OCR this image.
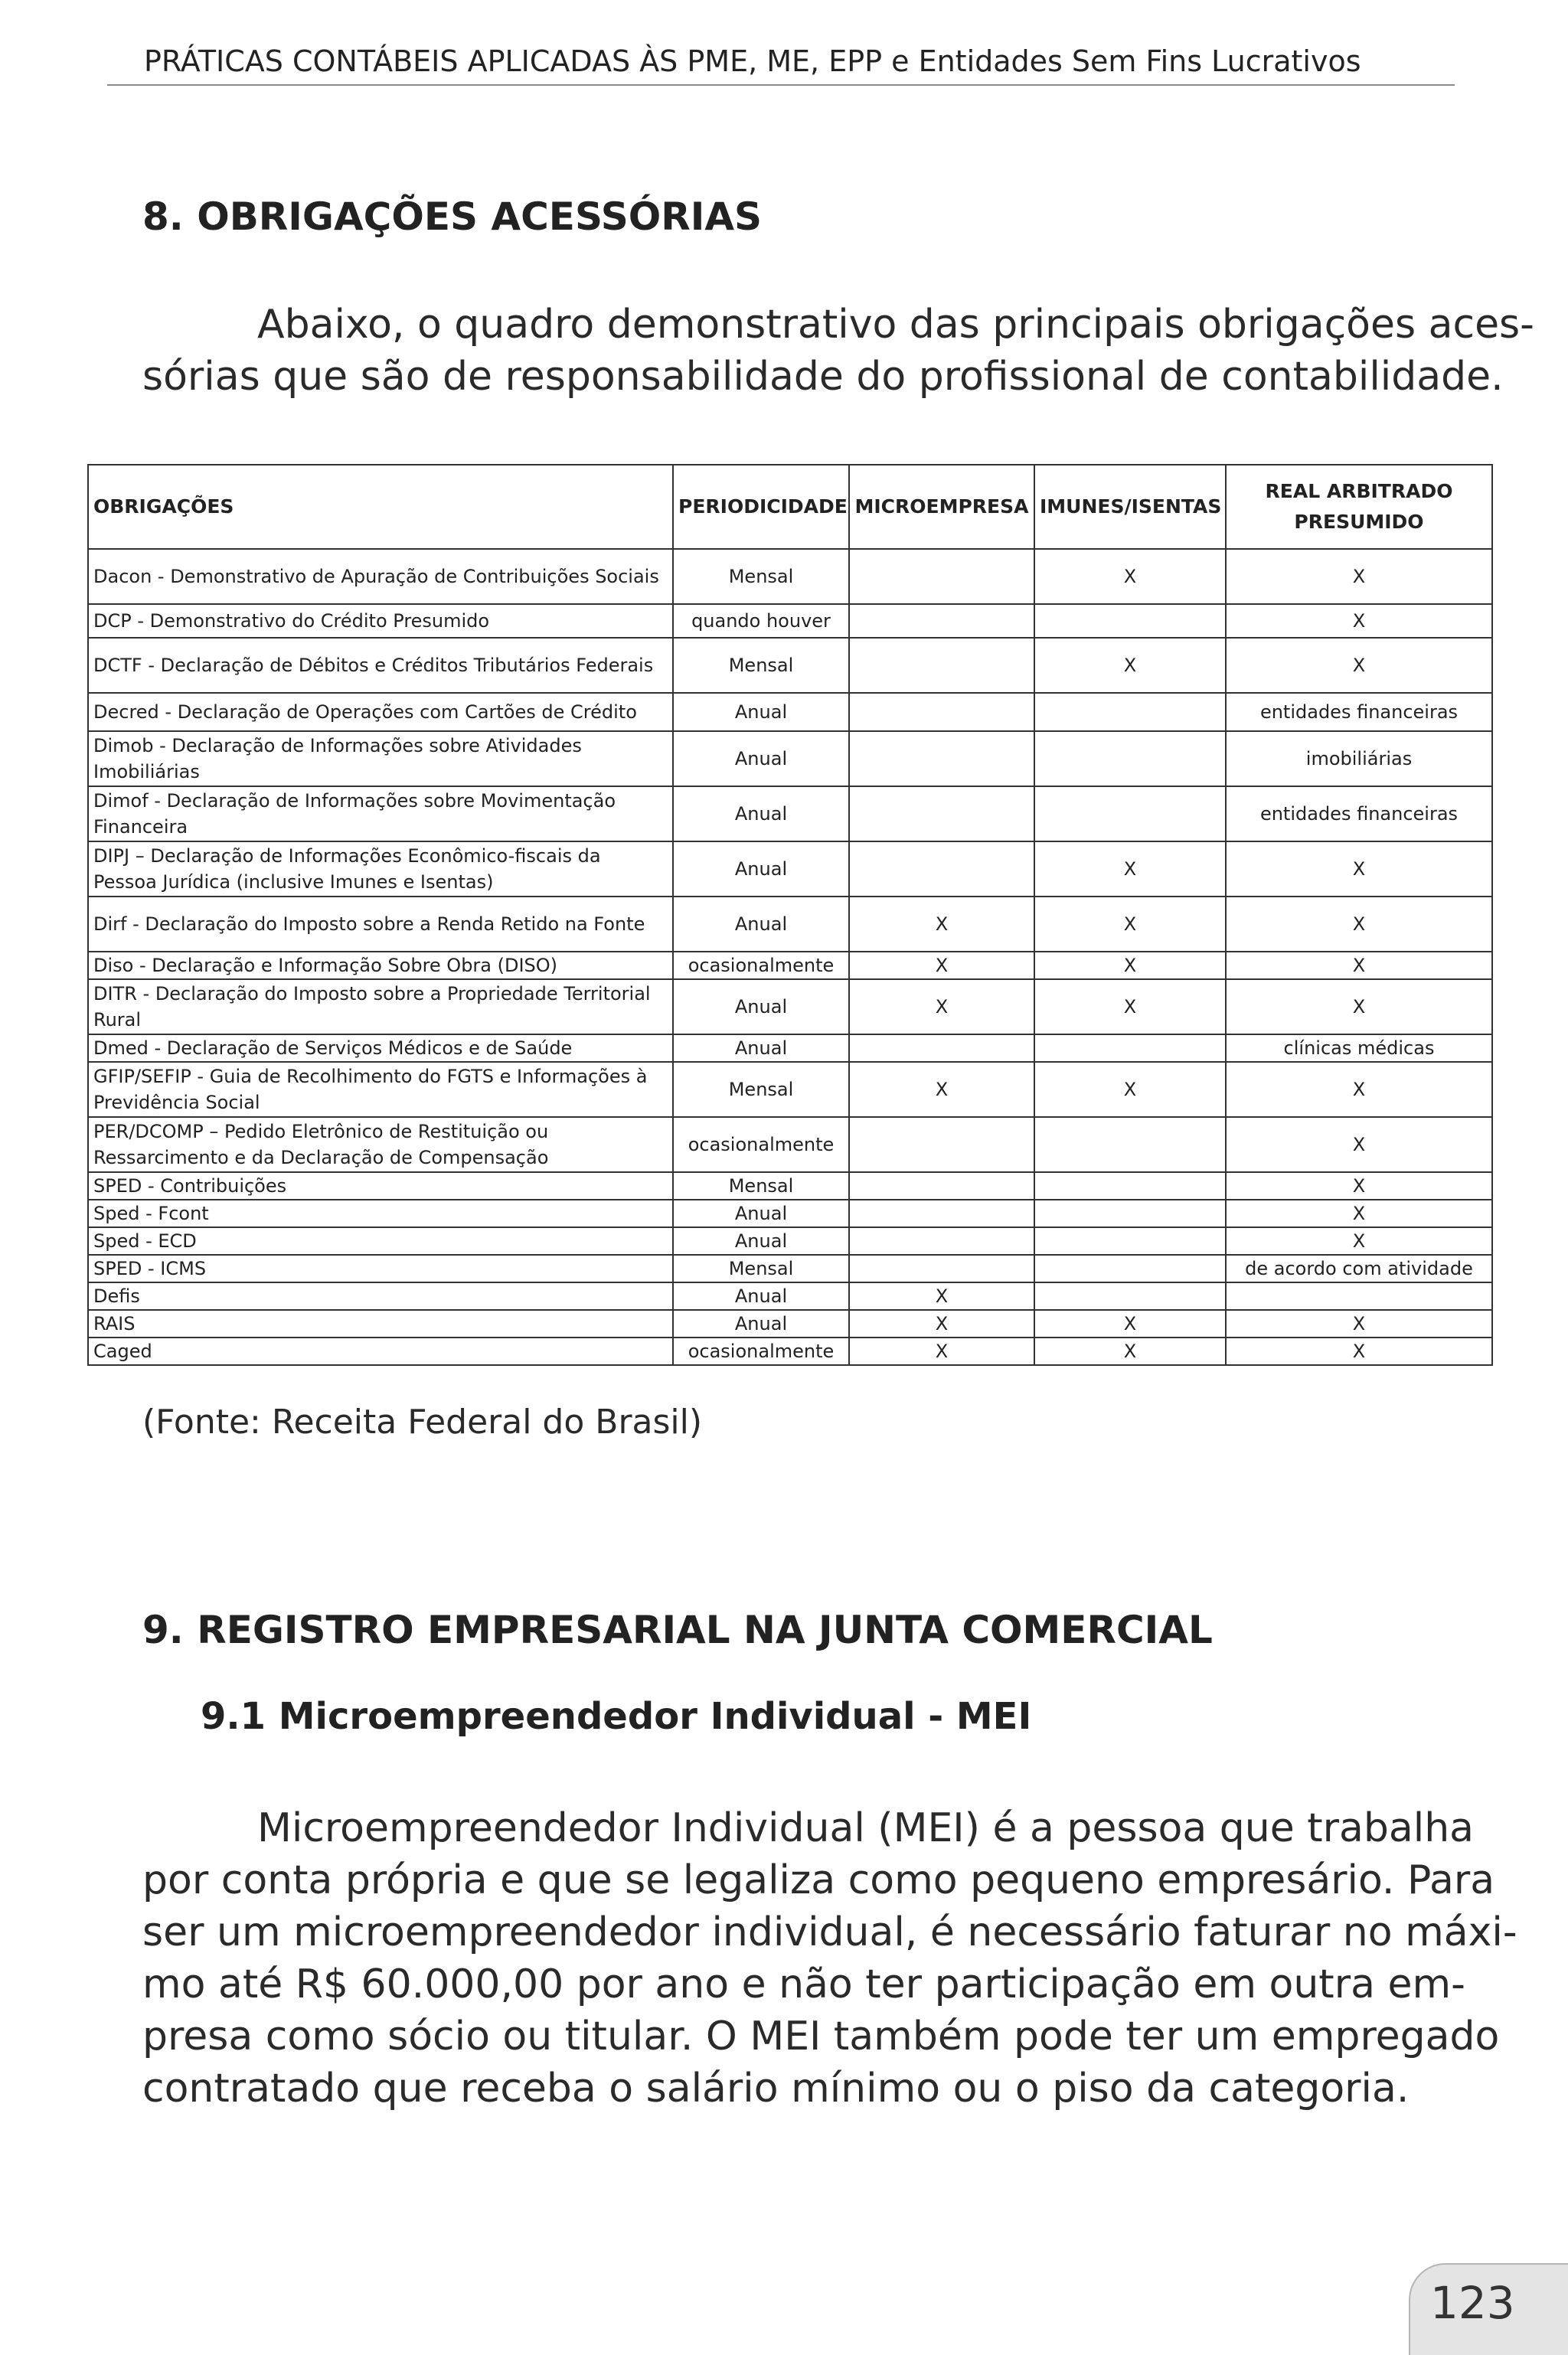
PRÁTICAS CONTÁBEIS APLICADAS ÀS PME, ME, EPP e Entidades Sem Fins Lucrativos
8. OBRIGAÇÕES ACESSÓRIAS
Abaixo, o quadro demonstrativo das principais obrigações aces-
sórias que são de responsabilidade do profissional de contabilidade.
OBRIGAÇÕES	PERIODICIDADE	MICROEMPRESA	IMUNES/ISENTAS	REAL ARBITRADO PRESUMIDO
Dacon - Demonstrativo de Apuração de Contribuições Sociais	Mensal		X	X
DCP - Demonstrativo do Crédito Presumido	quando houver			X
DCTF - Declaração de Débitos e Créditos Tributários Federais	Mensal		X	X
Decred - Declaração de Operações com Cartões de Crédito	Anual			entidades financeiras
Dimob - Declaração de Informações sobre Atividades Imobiliárias	Anual			imobiliárias
Dimof - Declaração de Informações sobre Movimentação Financeira	Anual			entidades financeiras
DIPJ – Declaração de Informações Econômico-fiscais da Pessoa Jurídica (inclusive Imunes e Isentas)	Anual		X	X
Dirf - Declaração do Imposto sobre a Renda Retido na Fonte	Anual	X	X	X
Diso - Declaração e Informação Sobre Obra (DISO)	ocasionalmente	X	X	X
DITR - Declaração do Imposto sobre a Propriedade Territorial Rural	Anual	X	X	X
Dmed - Declaração de Serviços Médicos e de Saúde	Anual			clínicas médicas
GFIP/SEFIP - Guia de Recolhimento do FGTS e Informações à Previdência Social	Mensal	X	X	X
PER/DCOMP – Pedido Eletrônico de Restituição ou Ressarcimento e da Declaração de Compensação	ocasionalmente			X
SPED - Contribuições	Mensal			X
Sped - Fcont	Anual			X
Sped - ECD	Anual			X
SPED - ICMS	Mensal			de acordo com atividade
Defis	Anual	X		
RAIS	Anual	X	X	X
Caged	ocasionalmente	X	X	X
(Fonte: Receita Federal do Brasil)
9. REGISTRO EMPRESARIAL NA JUNTA COMERCIAL
9.1 Microempreendedor Individual - MEI
Microempreendedor Individual (MEI) é a pessoa que trabalha
por conta própria e que se legaliza como pequeno empresário. Para
ser um microempreendedor individual, é necessário faturar no máxi-
mo até R$ 60.000,00 por ano e não ter participação em outra em-
presa como sócio ou titular. O MEI também pode ter um empregado
contratado que receba o salário mínimo ou o piso da categoria.
123
